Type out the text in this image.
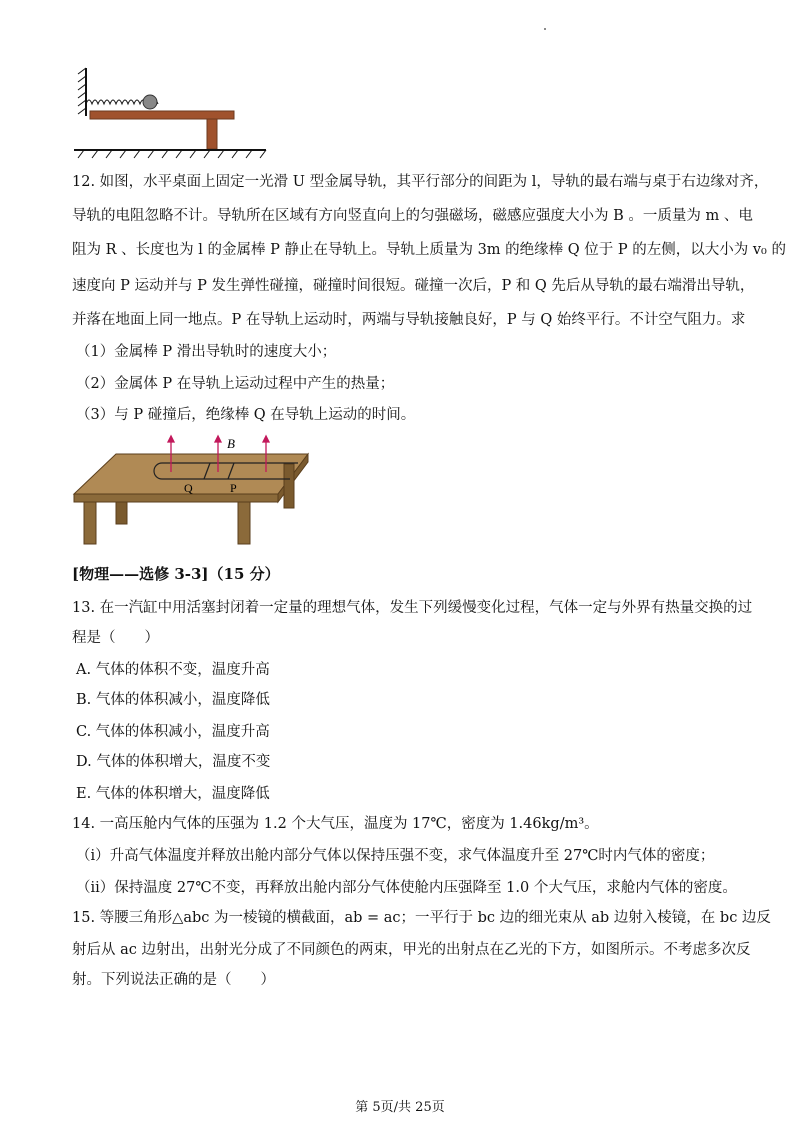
12. 如图，水平桌面上固定一光滑 U 型金属导轨，其平行部分的间距为 l，导轨的最右端与桌于右边缘对齐，
导轨的电阻忽略不计。导轨所在区域有方向竖直向上的匀强磁场，磁感应强度大小为 B 。一质量为 m 、电
阻为 R 、长度也为 l 的金属棒 P 静止在导轨上。导轨上质量为 3m 的绝缘棒 Q 位于 P 的左侧，以大小为 v₀ 的
速度向 P 运动并与 P 发生弹性碰撞，碰撞时间很短。碰撞一次后，P 和 Q 先后从导轨的最右端滑出导轨，
并落在地面上同一地点。P 在导轨上运动时，两端与导轨接触良好，P 与 Q 始终平行。不计空气阻力。求
（1）金属棒 P 滑出导轨时的速度大小；
（2）金属体 P 在导轨上运动过程中产生的热量；
（3）与 P 碰撞后，绝缘棒 Q 在导轨上运动的时间。
B
Q	P
[物理——选修 3-3]（15 分）
13. 在一汽缸中用活塞封闭着一定量的理想气体，发生下列缓慢变化过程，气体一定与外界有热量交换的过
程是（　　）
A. 气体的体积不变，温度升高
B. 气体的体积减小，温度降低
C. 气体的体积减小，温度升高
D. 气体的体积增大，温度不变
E. 气体的体积增大，温度降低
14. 一高压舱内气体的压强为 1.2 个大气压，温度为 17℃，密度为 1.46kg/m³。
（i）升高气体温度并释放出舱内部分气体以保持压强不变，求气体温度升至 27℃时内气体的密度；
（ii）保持温度 27℃不变，再释放出舱内部分气体使舱内压强降至 1.0 个大气压，求舱内气体的密度。
15. 等腰三角形△abc 为一棱镜的横截面，ab = ac；一平行于 bc 边的细光束从 ab 边射入棱镜，在 bc 边反
射后从 ac 边射出，出射光分成了不同颜色的两束，甲光的出射点在乙光的下方，如图所示。不考虑多次反
射。下列说法正确的是（　　）
第 5页/共 25页
